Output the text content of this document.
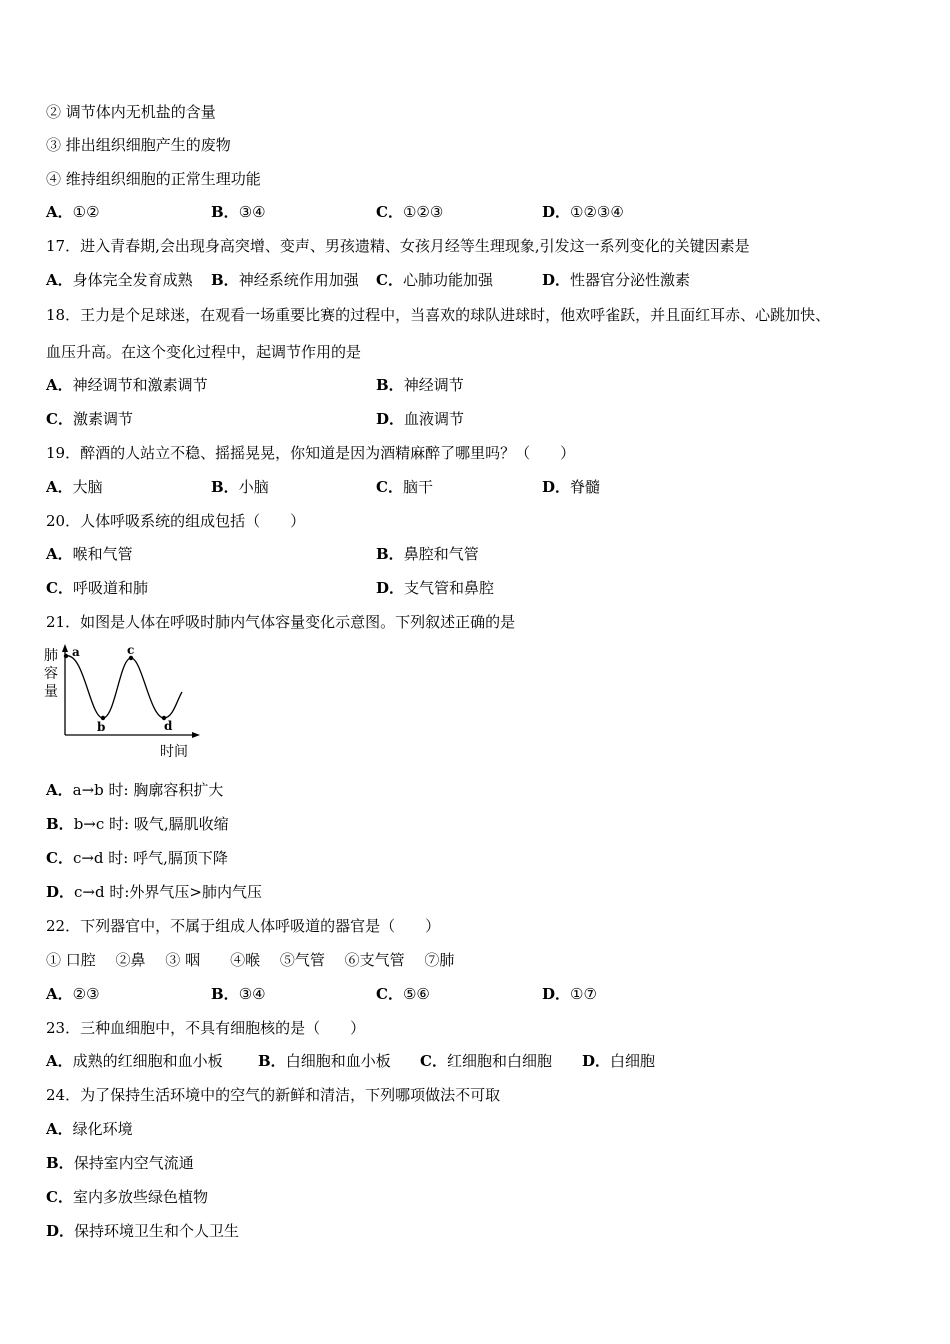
② 调节体内无机盐的含量
③ 排出组织细胞产生的废物
④ 维持组织细胞的正常生理功能
A．①②	B．③④	C．①②③	D．①②③④
17．进入青春期,会出现身高突增、变声、男孩遗精、女孩月经等生理现象,引发这一系列变化的关键因素是
A．身体完全发育成熟 B．神经系统作用加强 C．心肺功能加强	D．性器官分泌性激素
18．王力是个足球迷，在观看一场重要比赛的过程中，当喜欢的球队进球时，他欢呼雀跃，并且面红耳赤、心跳加快、
血压升高。在这个变化过程中，起调节作用的是
A．神经调节和激素调节	B．神经调节
C．激素调节	D．血液调节
19．醉酒的人站立不稳、摇摇晃晃，你知道是因为酒精麻醉了哪里吗？（　　）
A．大脑	B．小脑	C．脑干	D．脊髓
20．人体呼吸系统的组成包括（　　）
A．喉和气管	B．鼻腔和气管
C．呼吸道和肺	D．支气管和鼻腔
21．如图是人体在呼吸时肺内气体容量变化示意图。下列叙述正确的是
肺
容
量
a
b
c
d
时间
A．a→b 时: 胸廓容积扩大
B．b→c 时: 吸气,膈肌收缩
C．c→d 时: 呼气,膈顶下降
D．c→d 时:外界气压>肺内气压
22．下列器官中，不属于组成人体呼吸道的器官是（　　）
① 口腔　 ②鼻　 ③ 咽　　④喉　 ⑤气管　 ⑥支气管　 ⑦肺
A．②③	B．③④	C．⑤⑥	D．①⑦
23．三种血细胞中，不具有细胞核的是（　　）
A．成熟的红细胞和血小板 B．白细胞和血小板 C．红细胞和白细胞 D．白细胞
24．为了保持生活环境中的空气的新鲜和清洁，下列哪项做法不可取
A．绿化环境
B．保持室内空气流通
C．室内多放些绿色植物
D．保持环境卫生和个人卫生
